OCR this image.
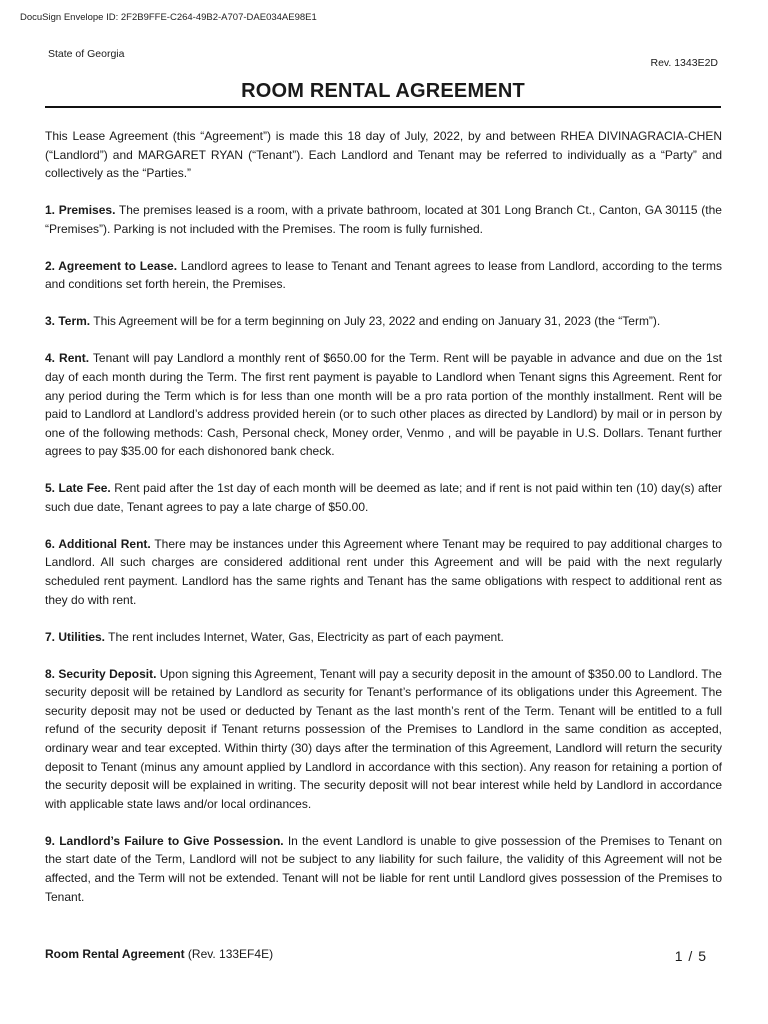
DocuSign Envelope ID: 2F2B9FFE-C264-49B2-A707-DAE034AE98E1
State of Georgia
Rev. 1343E2D
ROOM RENTAL AGREEMENT

This Lease Agreement (this “Agreement”) is made this 18 day of July, 2022, by and between RHEA DIVINAGRACIA-CHEN (“Landlord”) and MARGARET RYAN (“Tenant”). Each Landlord and Tenant may be referred to individually as a “Party” and collectively as the “Parties.”

1. Premises. The premises leased is a room, with a private bathroom, located at 301 Long Branch Ct., Canton, GA 30115 (the “Premises”). Parking is not included with the Premises. The room is fully furnished.

2. Agreement to Lease. Landlord agrees to lease to Tenant and Tenant agrees to lease from Landlord, according to the terms and conditions set forth herein, the Premises.

3. Term. This Agreement will be for a term beginning on July 23, 2022 and ending on January 31, 2023 (the “Term”).

4. Rent. Tenant will pay Landlord a monthly rent of $650.00 for the Term. Rent will be payable in advance and due on the 1st day of each month during the Term. The first rent payment is payable to Landlord when Tenant signs this Agreement. Rent for any period during the Term which is for less than one month will be a pro rata portion of the monthly installment. Rent will be paid to Landlord at Landlord’s address provided herein (or to such other places as directed by Landlord) by mail or in person by one of the following methods: Cash, Personal check, Money order, Venmo , and will be payable in U.S. Dollars. Tenant further agrees to pay $35.00 for each dishonored bank check.

5. Late Fee. Rent paid after the 1st day of each month will be deemed as late; and if rent is not paid within ten (10) day(s) after such due date, Tenant agrees to pay a late charge of $50.00.

6. Additional Rent. There may be instances under this Agreement where Tenant may be required to pay additional charges to Landlord. All such charges are considered additional rent under this Agreement and will be paid with the next regularly scheduled rent payment. Landlord has the same rights and Tenant has the same obligations with respect to additional rent as they do with rent.

7. Utilities. The rent includes Internet, Water, Gas, Electricity as part of each payment.

8. Security Deposit. Upon signing this Agreement, Tenant will pay a security deposit in the amount of $350.00 to Landlord. The security deposit will be retained by Landlord as security for Tenant’s performance of its obligations under this Agreement. The security deposit may not be used or deducted by Tenant as the last month’s rent of the Term. Tenant will be entitled to a full refund of the security deposit if Tenant returns possession of the Premises to Landlord in the same condition as accepted, ordinary wear and tear excepted. Within thirty (30) days after the termination of this Agreement, Landlord will return the security deposit to Tenant (minus any amount applied by Landlord in accordance with this section). Any reason for retaining a portion of the security deposit will be explained in writing. The security deposit will not bear interest while held by Landlord in accordance with applicable state laws and/or local ordinances.

9. Landlord’s Failure to Give Possession. In the event Landlord is unable to give possession of the Premises to Tenant on the start date of the Term, Landlord will not be subject to any liability for such failure, the validity of this Agreement will not be affected, and the Term will not be extended. Tenant will not be liable for rent until Landlord gives possession of the Premises to Tenant.

Room Rental Agreement (Rev. 133EF4E)	1 / 5
